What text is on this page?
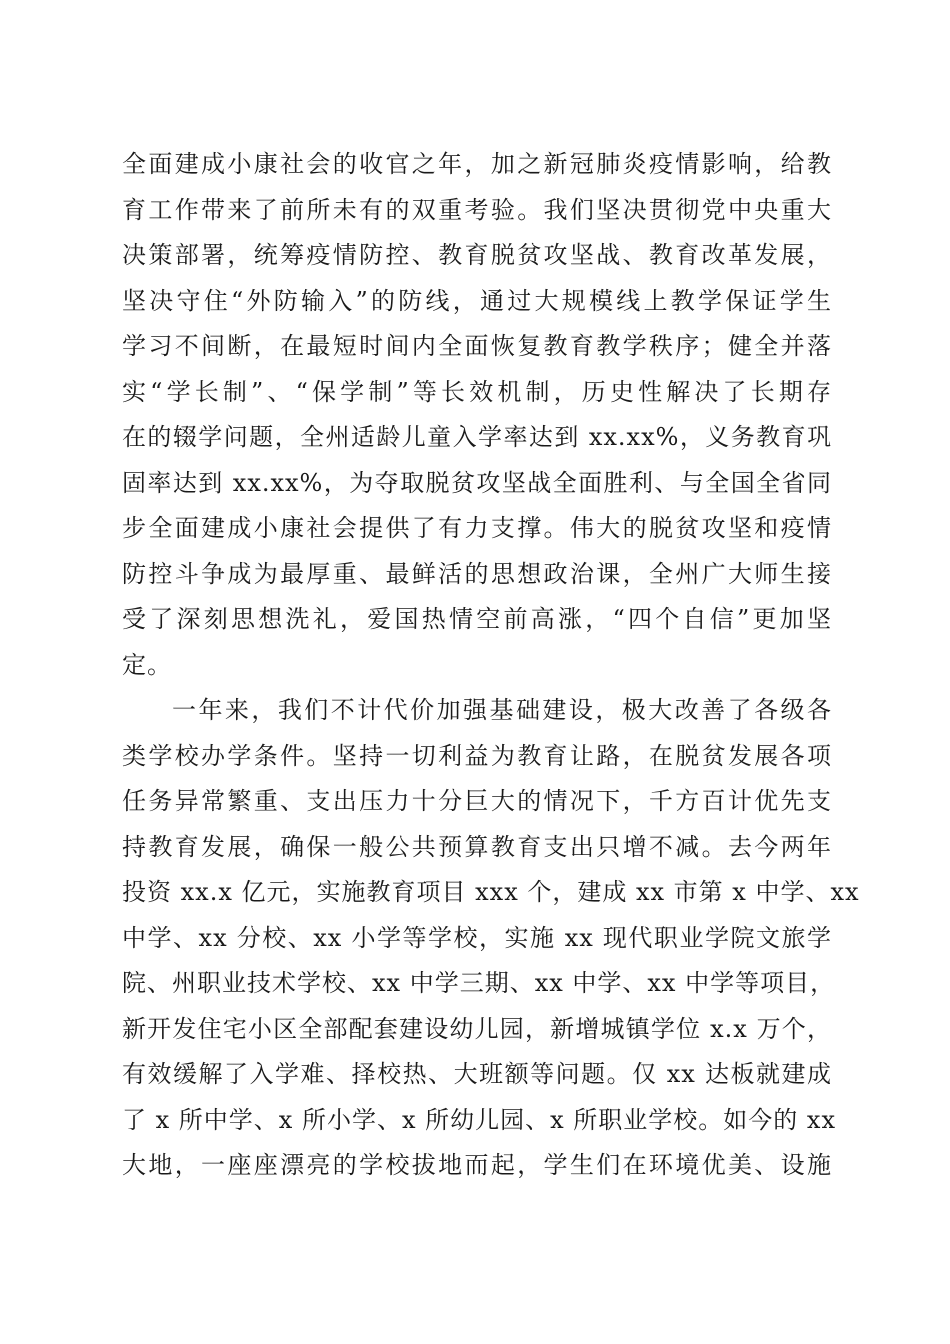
全面建成小康社会的收官之年，加之新冠肺炎疫情影响，给教
育工作带来了前所未有的双重考验。我们坚决贯彻党中央重大
决策部署，统筹疫情防控、教育脱贫攻坚战、教育改革发展，
坚决守住“外防输入”的防线，通过大规模线上教学保证学生
学习不间断，在最短时间内全面恢复教育教学秩序；健全并落
实“学长制”、“保学制”等长效机制，历史性解决了长期存
在的辍学问题，全州适龄儿童入学率达到 xx.xx%，义务教育巩
固率达到 xx.xx%，为夺取脱贫攻坚战全面胜利、与全国全省同
步全面建成小康社会提供了有力支撑。伟大的脱贫攻坚和疫情
防控斗争成为最厚重、最鲜活的思想政治课，全州广大师生接
受了深刻思想洗礼，爱国热情空前高涨，“四个自信”更加坚
定。
一年来，我们不计代价加强基础建设，极大改善了各级各
类学校办学条件。坚持一切利益为教育让路，在脱贫发展各项
任务异常繁重、支出压力十分巨大的情况下，千方百计优先支
持教育发展，确保一般公共预算教育支出只增不减。去今两年
投资 xx.x 亿元，实施教育项目 xxx 个，建成 xx 市第 x 中学、xx
中学、xx 分校、xx 小学等学校，实施 xx 现代职业学院文旅学
院、州职业技术学校、xx 中学三期、xx 中学、xx 中学等项目，
新开发住宅小区全部配套建设幼儿园，新增城镇学位 x.x 万个，
有效缓解了入学难、择校热、大班额等问题。仅 xx 达板就建成
了 x 所中学、x 所小学、x 所幼儿园、x 所职业学校。如今的 xx
大地，一座座漂亮的学校拔地而起，学生们在环境优美、设施
